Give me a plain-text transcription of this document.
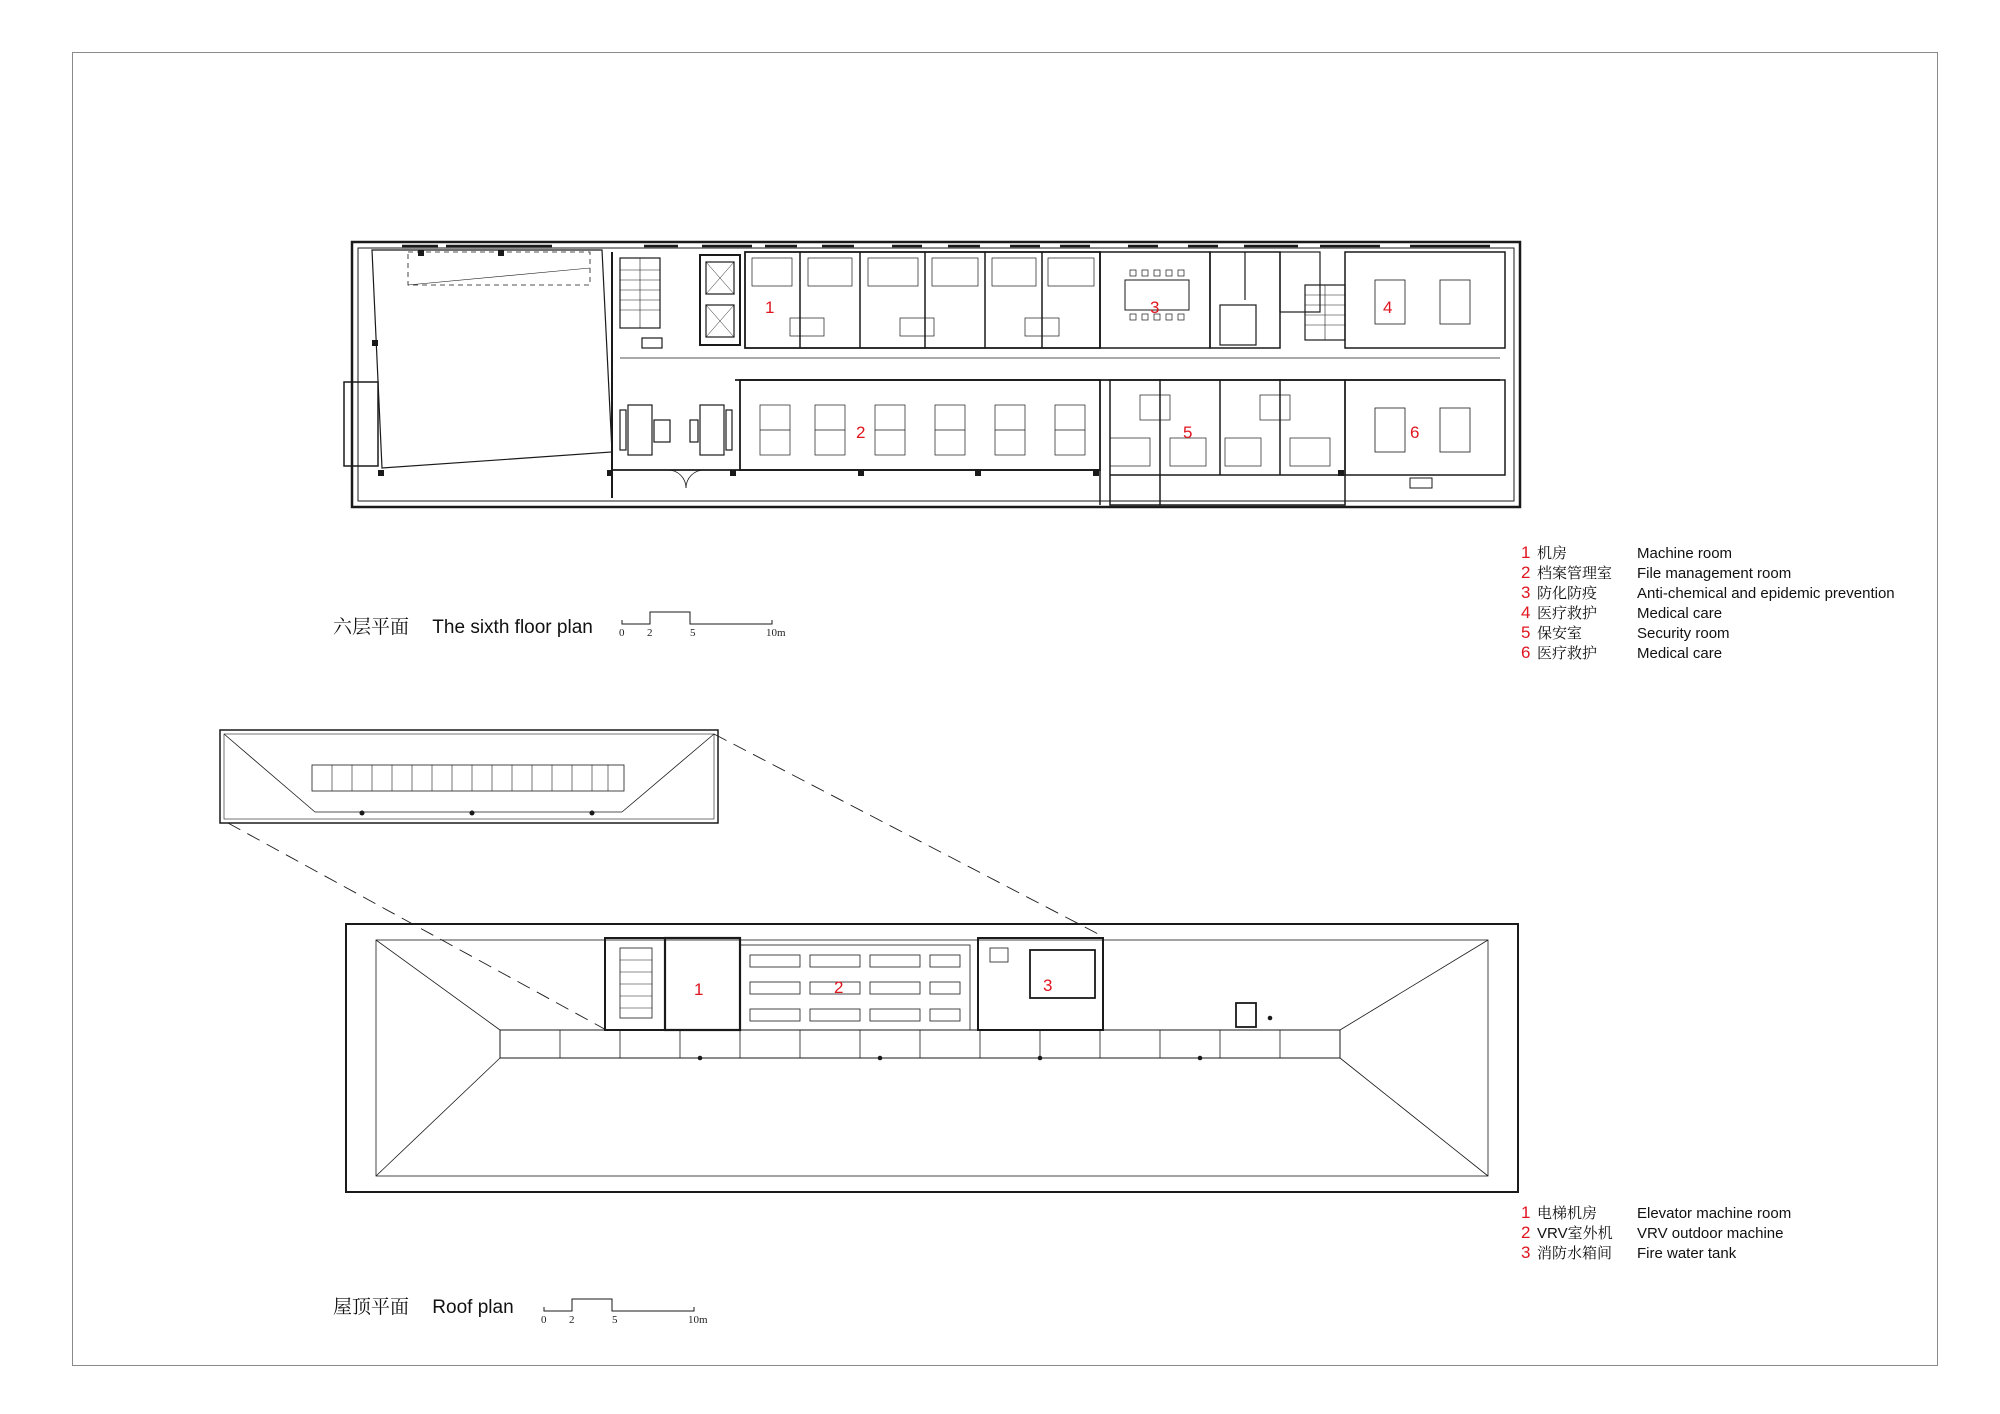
1
2
3	4
5	6
1	2	3
六层平面 The sixth floor plan
屋顶平面 Roof plan
0 2	5	10m
0 2	5	10m
1 机房	Machine room
2 档案管理室 File management room
3 防化防疫	Anti-chemical and epidemic prevention
4 医疗救护	Medical care
5 保安室	Security room
6 医疗救护	Medical care
1 电梯机房	Elevator machine room
2 VRV室外机 VRV outdoor machine
3 消防水箱间 Fire water tank
